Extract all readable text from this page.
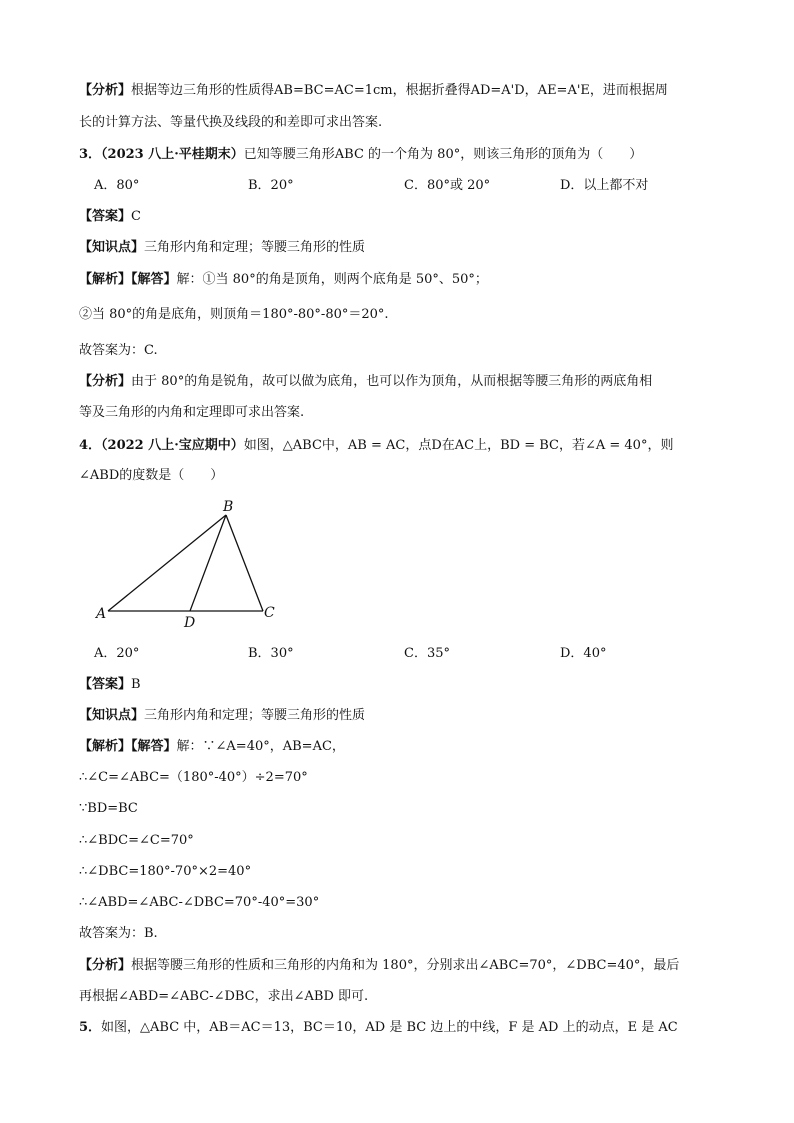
【分析】根据等边三角形的性质得AB=BC=AC=1cm，根据折叠得AD=A'D，AE=A'E，进而根据周
长的计算方法、等量代换及线段的和差即可求出答案.
3．（2023 八上·平桂期末）已知等腰三角形ABC 的一个角为 80°，则该三角形的顶角为（　　）
A．80°	B．20°	C．80°或 20°	D．以上都不对
【答案】C
【知识点】三角形内角和定理；等腰三角形的性质
【解析】【解答】解：①当 80°的角是顶角，则两个底角是 50°、50°；
②当 80°的角是底角，则顶角＝180°-80°-80°＝20°.
故答案为：C.
【分析】由于 80°的角是锐角，故可以做为底角，也可以作为顶角，从而根据等腰三角形的两底角相
等及三角形的内角和定理即可求出答案.
4．（2022 八上·宝应期中）如图，△ABC中，AB = AC，点D在AC上，BD = BC，若∠A = 40°，则
∠ABD的度数是（　　）
A
B
C
D
A．20°	B．30°	C．35°	D．40°
【答案】B
【知识点】三角形内角和定理；等腰三角形的性质
【解析】【解答】解：∵∠A=40°，AB=AC，
∴∠C=∠ABC=（180°-40°）÷2=70°
∵BD=BC
∴∠BDC=∠C=70°
∴∠DBC=180°-70°×2=40°
∴∠ABD=∠ABC-∠DBC=70°-40°=30°
故答案为：B.
【分析】根据等腰三角形的性质和三角形的内角和为 180°，分别求出∠ABC=70°，∠DBC=40°，最后
再根据∠ABD=∠ABC-∠DBC，求出∠ABD 即可.
5．如图，△ABC 中，AB＝AC＝13，BC＝10，AD 是 BC 边上的中线，F 是 AD 上的动点，E 是 AC
